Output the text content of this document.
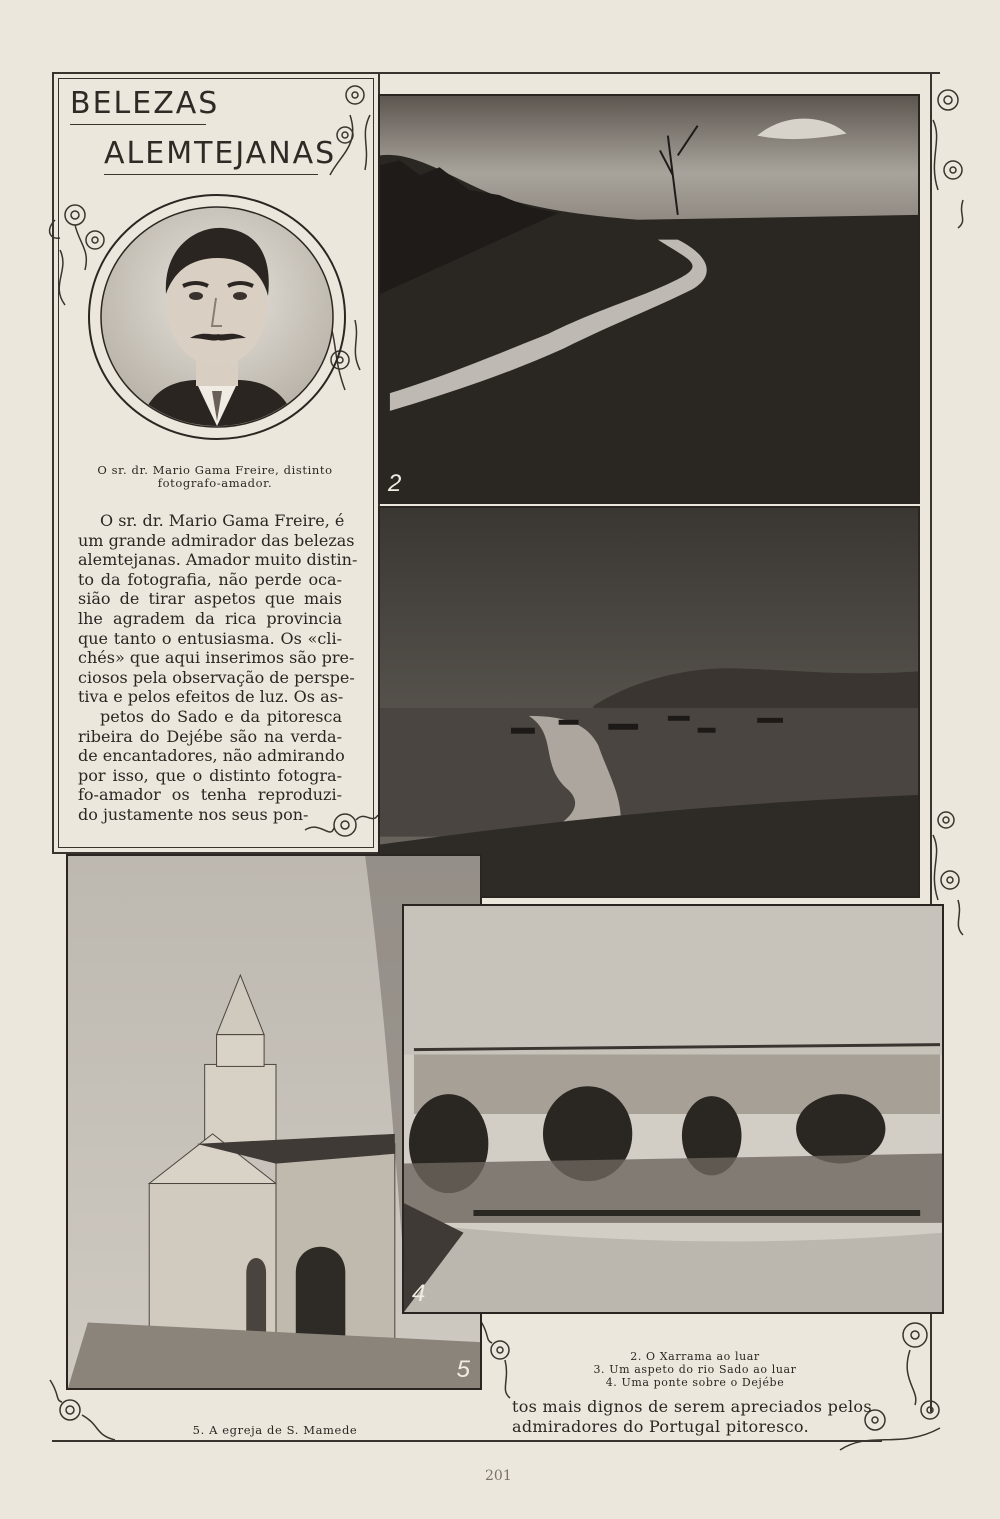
BELEZAS
ALEMTEJANAS
O sr. dr. Mario Gama Freire, distinto
fotografo-amador.
O sr. dr. Mario Gama Freire, é
um grande admirador das belezas
alemtejanas. Amador muito distin-
to da fotografia, não perde oca-
sião de tirar aspetos que mais
lhe agradem da rica provincia
que tanto o entusiasma. Os «cli-
chés» que aqui inserimos são pre-
ciosos pela observação de perspe-
tiva e pelos efeitos de luz. Os as-
petos do Sado e da pitoresca
ribeira do Dejébe são na verda-
de encantadores, não admirando
por isso, que o distinto fotogra-
fo-amador os tenha reproduzi-
do justamente nos seus pon-
2
5
4
2. O Xarrama ao luar
3. Um aspeto do rio Sado ao luar
4. Uma ponte sobre o Dejébe
tos mais dignos de serem apreciados pelos
admiradores do Portugal pitoresco.
5. A egreja de S. Mamede
201
